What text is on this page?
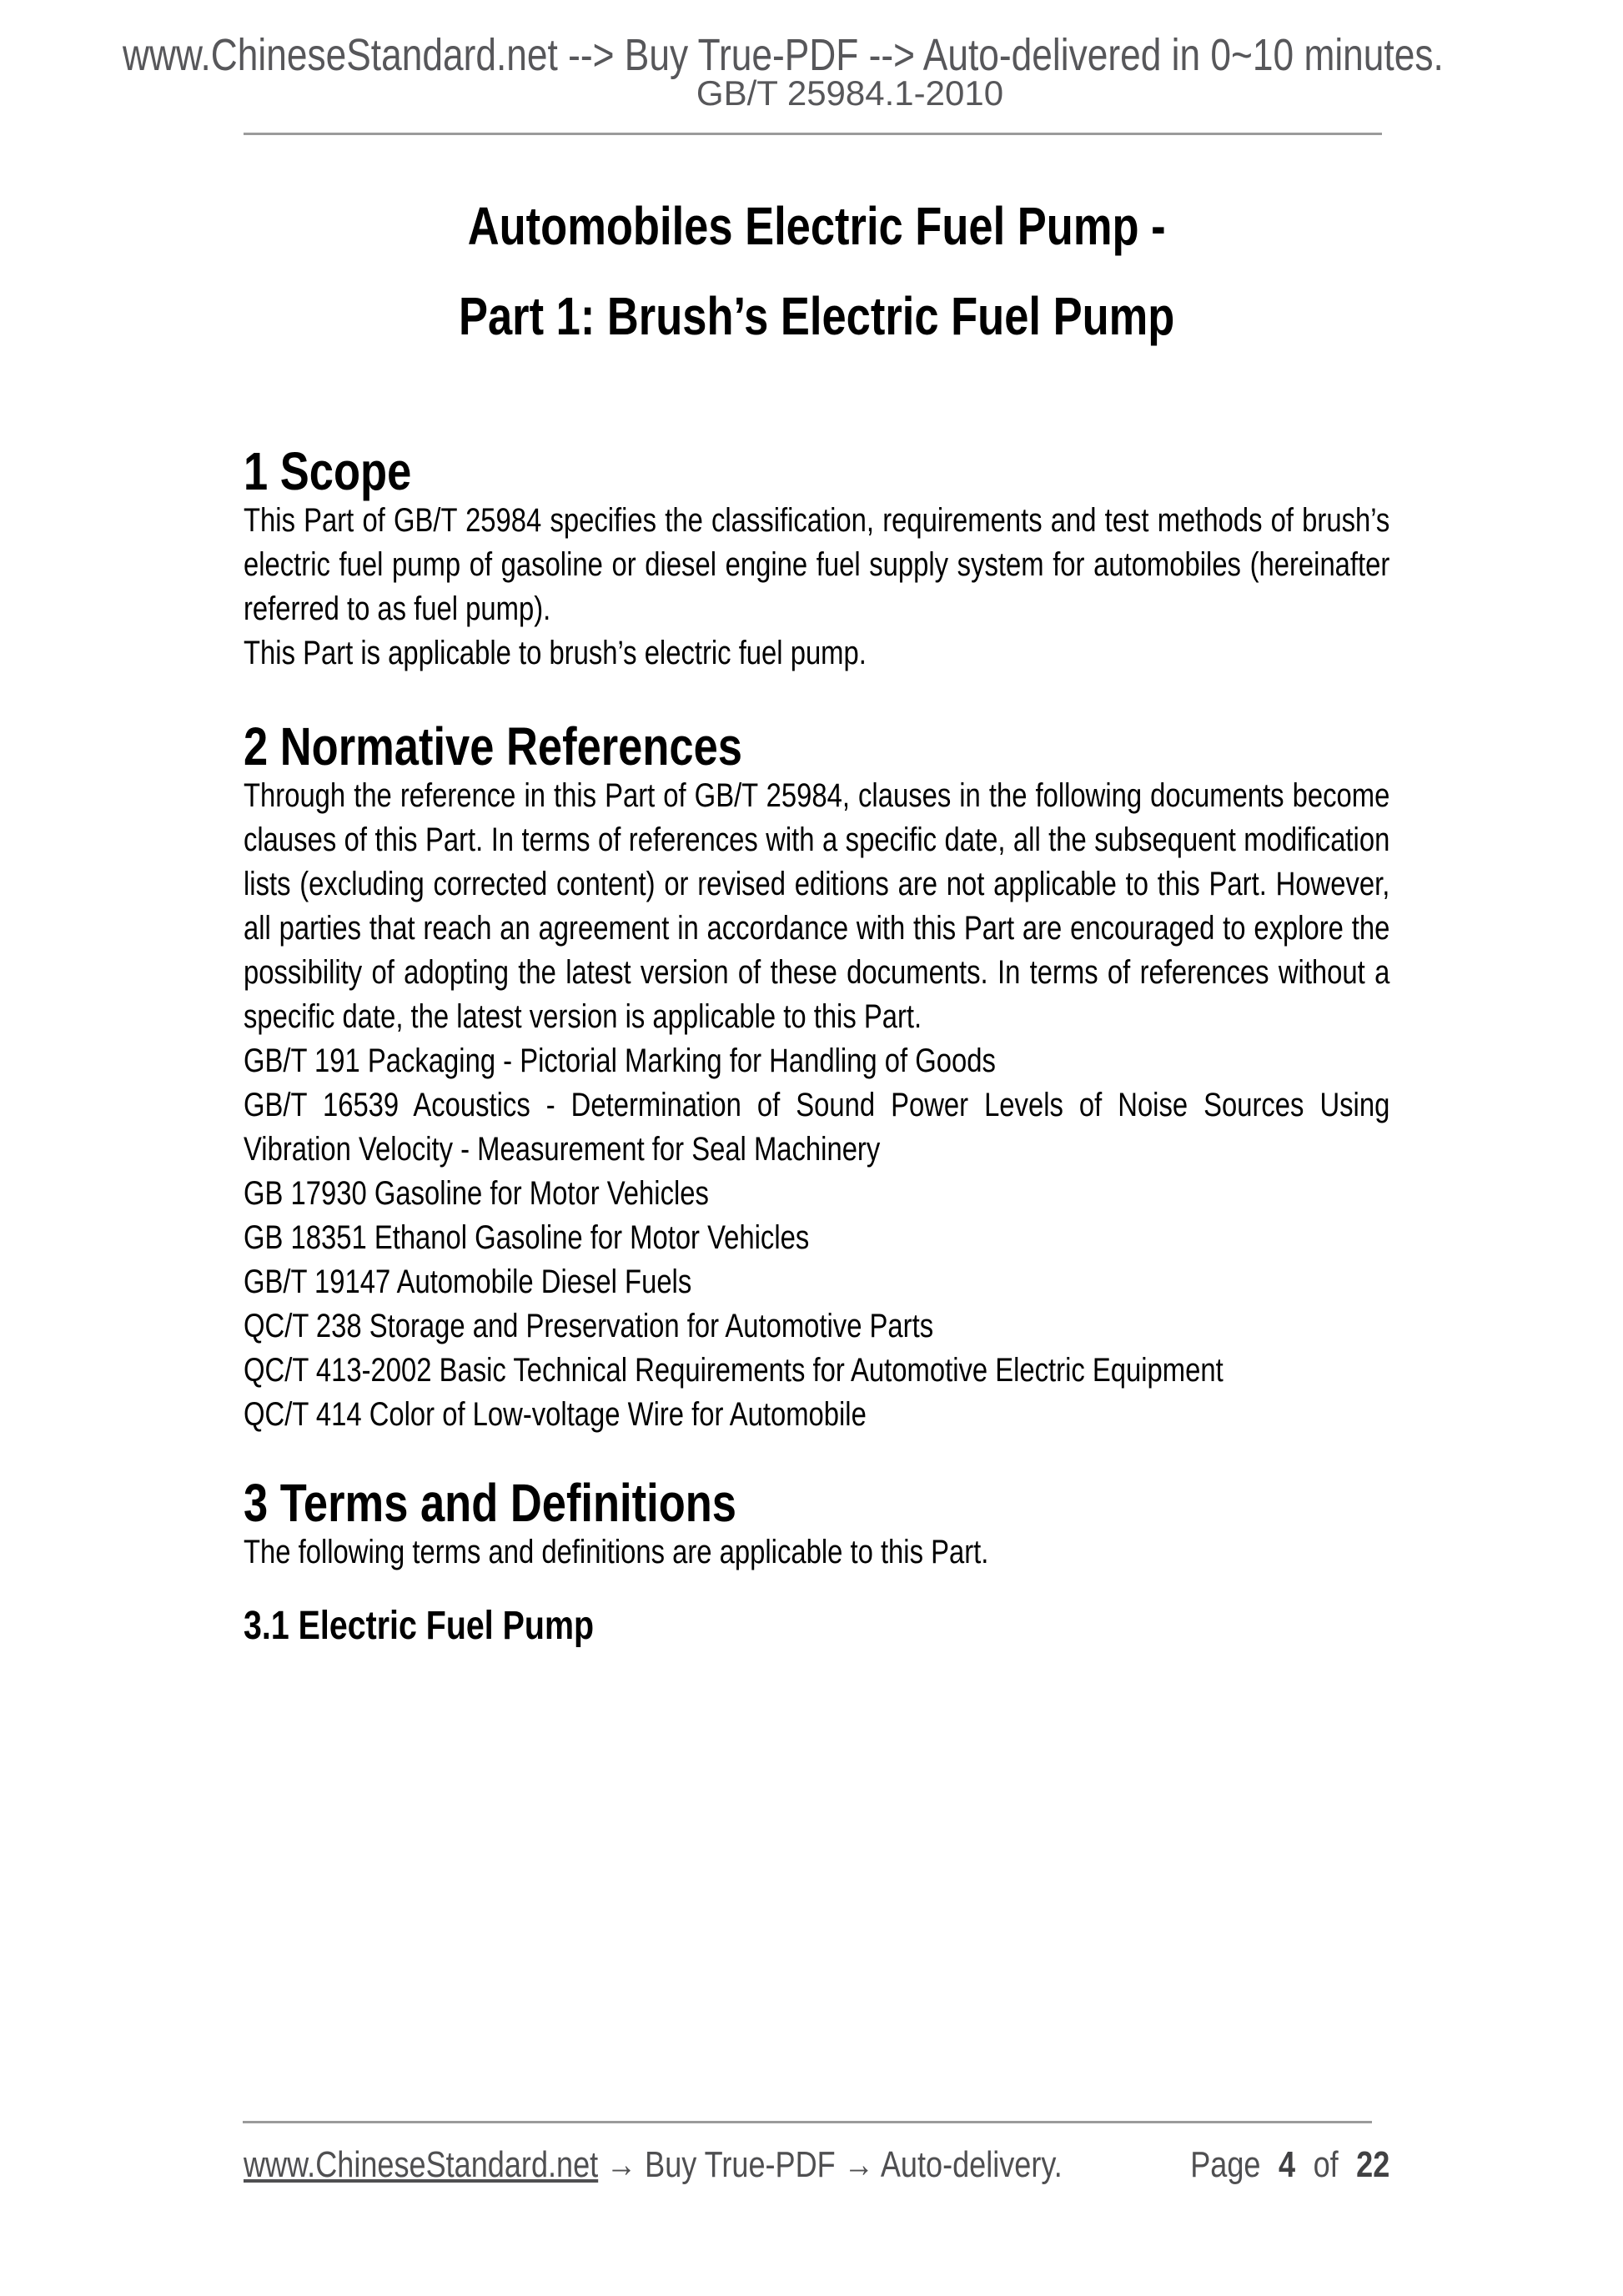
www.ChineseStandard.net --> Buy True-PDF --> Auto-delivered in 0~10 minutes.
GB/T 25984.1-2010
Automobiles Electric Fuel Pump -
Part 1: Brush’s Electric Fuel Pump
1 Scope

This Part of GB/T 25984 specifies the classification, requirements and test methods of brush’s electric fuel pump of gasoline or diesel engine fuel supply system for automobiles (hereinafter referred to as fuel pump).

This Part is applicable to brush’s electric fuel pump.

2 Normative References

Through the reference in this Part of GB/T 25984, clauses in the following documents become clauses of this Part. In terms of references with a specific date, all the subsequent modification lists (excluding corrected content) or revised editions are not applicable to this Part. However, all parties that reach an agreement in accordance with this Part are encouraged to explore the possibility of adopting the latest version of these documents. In terms of references without a specific date, the latest version is applicable to this Part.

GB/T 191 Packaging - Pictorial Marking for Handling of Goods

GB/T 16539 Acoustics - Determination of Sound Power Levels of Noise Sources Using Vibration Velocity - Measurement for Seal Machinery

GB 17930 Gasoline for Motor Vehicles

GB 18351 Ethanol Gasoline for Motor Vehicles

GB/T 19147 Automobile Diesel Fuels

QC/T 238 Storage and Preservation for Automotive Parts

QC/T 413-2002 Basic Technical Requirements for Automotive Electric Equipment

QC/T 414 Color of Low-voltage Wire for Automobile

3 Terms and Definitions

The following terms and definitions are applicable to this Part.

3.1 Electric Fuel Pump
www.ChineseStandard.net → Buy True-PDF → Auto-delivery.	Page 4 of 22
